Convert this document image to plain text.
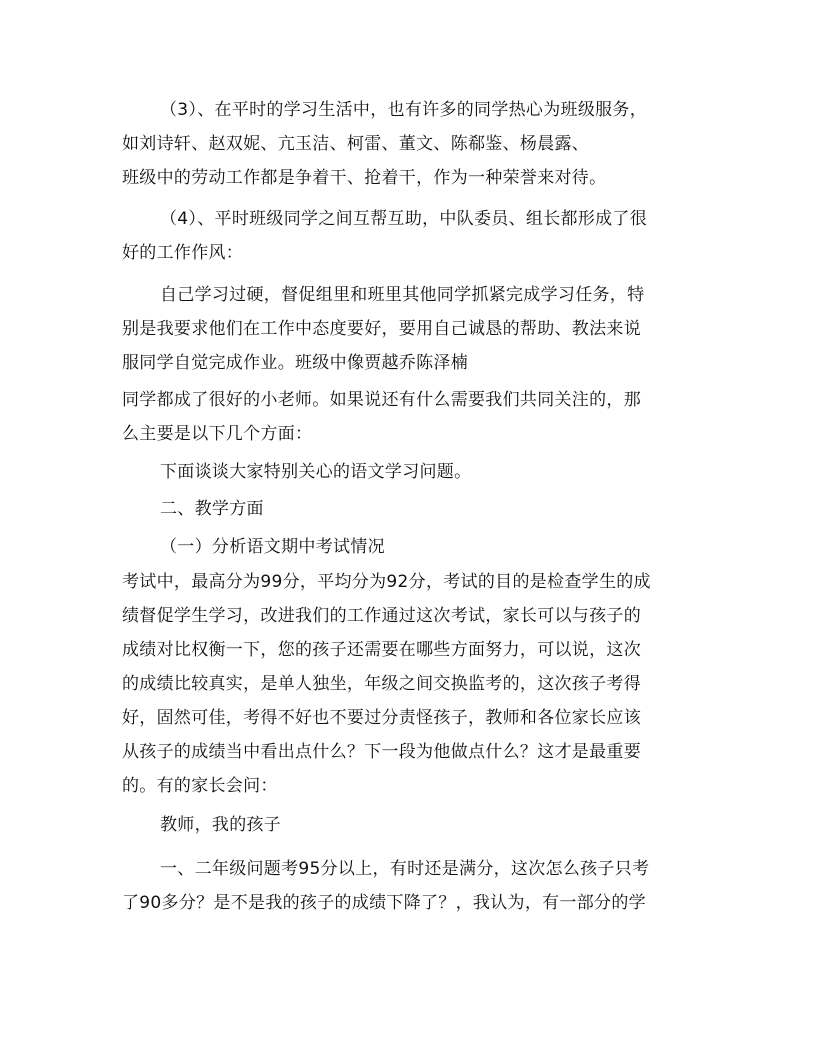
（3）、在平时的学习生活中，也有许多的同学热心为班级服务，
如刘诗轩、赵双妮、亢玉洁、柯雷、董文、陈郗鉴、杨晨露、
班级中的劳动工作都是争着干、抢着干，作为一种荣誉来对待。
（4）、平时班级同学之间互帮互助，中队委员、组长都形成了很
好的工作作风：
自己学习过硬，督促组里和班里其他同学抓紧完成学习任务，特
别是我要求他们在工作中态度要好，要用自己诚恳的帮助、教法来说
服同学自觉完成作业。班级中像贾越乔陈泽楠
同学都成了很好的小老师。如果说还有什么需要我们共同关注的，那
么主要是以下几个方面：
下面谈谈大家特别关心的语文学习问题。
二、教学方面
（一）分析语文期中考试情况
考试中，最高分为99分，平均分为92分，考试的目的是检查学生的成
绩督促学生学习，改进我们的工作通过这次考试，家长可以与孩子的
成绩对比权衡一下，您的孩子还需要在哪些方面努力，可以说，这次
的成绩比较真实，是单人独坐，年级之间交换监考的，这次孩子考得
好，固然可佳，考得不好也不要过分责怪孩子，教师和各位家长应该
从孩子的成绩当中看出点什么？下一段为他做点什么？这才是最重要
的。有的家长会问：
教师，我的孩子
一、二年级问题考95分以上，有时还是满分，这次怎么孩子只考
了90多分？是不是我的孩子的成绩下降了？，我认为，有一部分的学
